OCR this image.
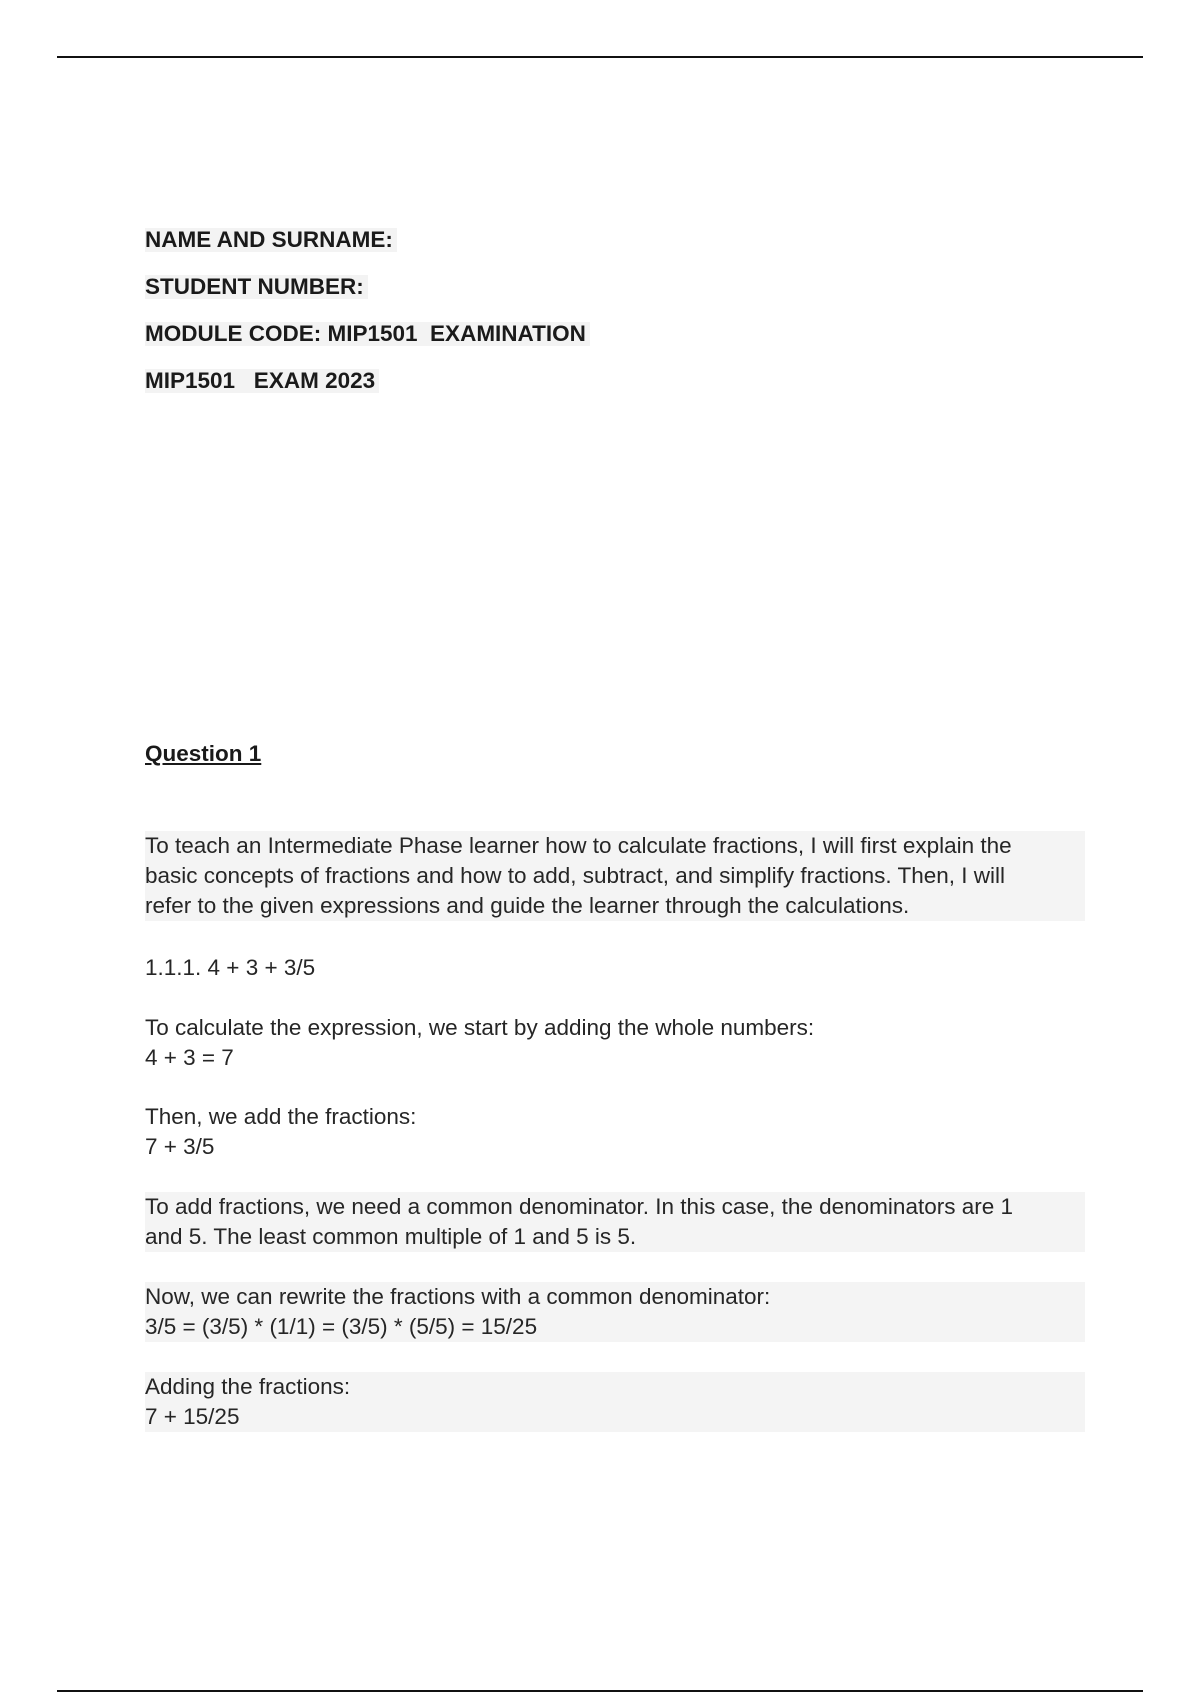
NAME AND SURNAME:
STUDENT NUMBER:
MODULE CODE: MIP1501  EXAMINATION
MIP1501   EXAM 2023
Question 1
To teach an Intermediate Phase learner how to calculate fractions, I will first explain the
basic concepts of fractions and how to add, subtract, and simplify fractions. Then, I will
refer to the given expressions and guide the learner through the calculations.
1.1.1. 4 + 3 + 3/5
To calculate the expression, we start by adding the whole numbers:
4 + 3 = 7
Then, we add the fractions:
7 + 3/5
To add fractions, we need a common denominator. In this case, the denominators are 1
and 5. The least common multiple of 1 and 5 is 5.
Now, we can rewrite the fractions with a common denominator:
3/5 = (3/5) * (1/1) = (3/5) * (5/5) = 15/25
Adding the fractions:
7 + 15/25
